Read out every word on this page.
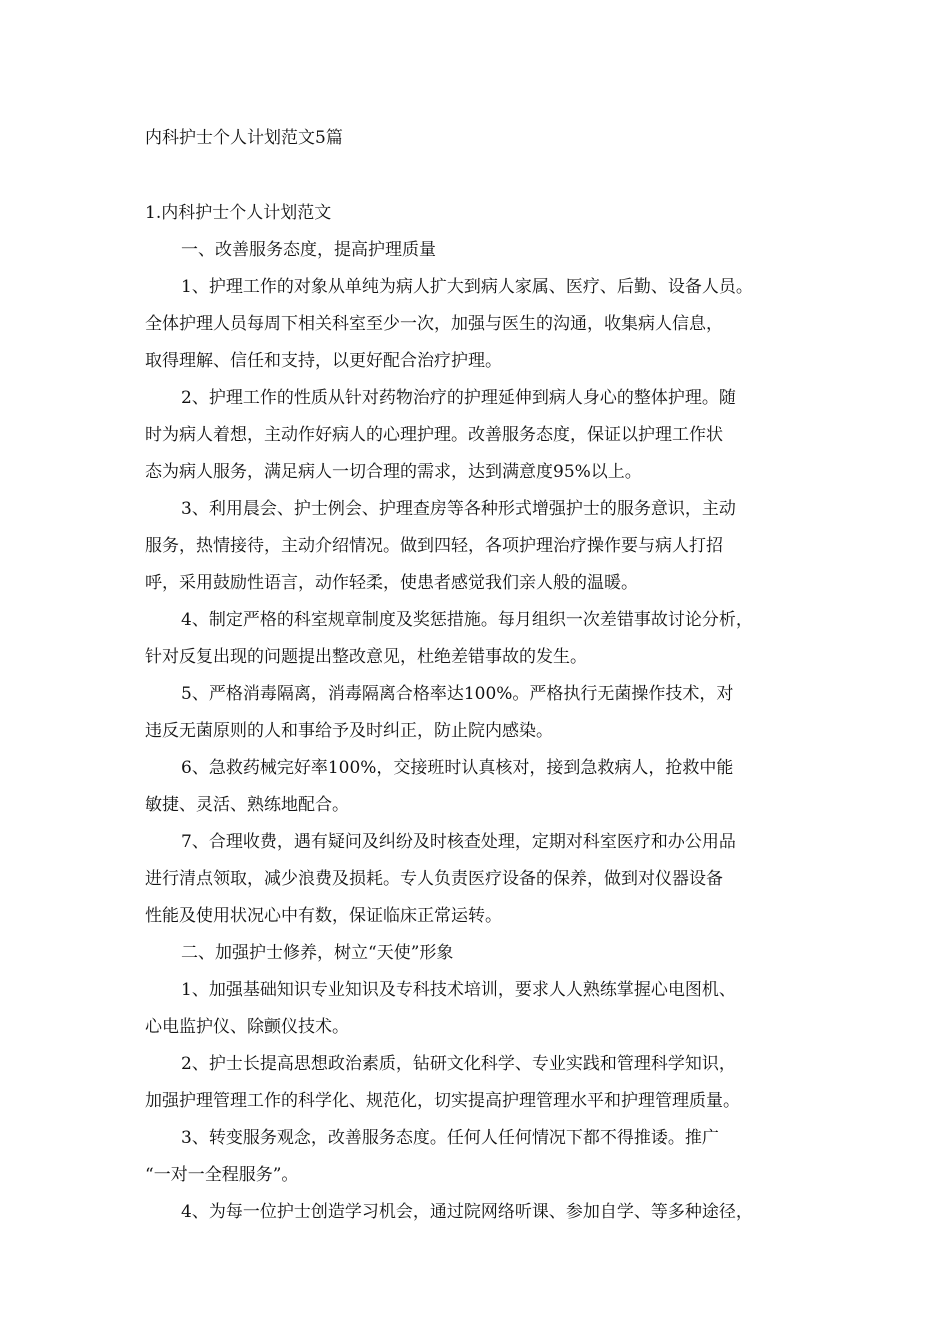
内科护士个人计划范文5篇
1.内科护士个人计划范文
一、改善服务态度，提高护理质量
1、护理工作的对象从单纯为病人扩大到病人家属、医疗、后勤、设备人员。
全体护理人员每周下相关科室至少一次，加强与医生的沟通，收集病人信息，
取得理解、信任和支持，以更好配合治疗护理。
2、护理工作的性质从针对药物治疗的护理延伸到病人身心的整体护理。随
时为病人着想，主动作好病人的心理护理。改善服务态度，保证以护理工作状
态为病人服务，满足病人一切合理的需求，达到满意度95%以上。
3、利用晨会、护士例会、护理查房等各种形式增强护士的服务意识，主动
服务，热情接待，主动介绍情况。做到四轻，各项护理治疗操作要与病人打招
呼，采用鼓励性语言，动作轻柔，使患者感觉我们亲人般的温暖。
4、制定严格的科室规章制度及奖惩措施。每月组织一次差错事故讨论分析，
针对反复出现的问题提出整改意见，杜绝差错事故的发生。
5、严格消毒隔离，消毒隔离合格率达100%。严格执行无菌操作技术，对
违反无菌原则的人和事给予及时纠正，防止院内感染。
6、急救药械完好率100%，交接班时认真核对，接到急救病人，抢救中能
敏捷、灵活、熟练地配合。
7、合理收费，遇有疑问及纠纷及时核查处理，定期对科室医疗和办公用品
进行清点领取，减少浪费及损耗。专人负责医疗设备的保养，做到对仪器设备
性能及使用状况心中有数，保证临床正常运转。
二、加强护士修养，树立“天使”形象
1、加强基础知识专业知识及专科技术培训，要求人人熟练掌握心电图机、
心电监护仪、除颤仪技术。
2、护士长提高思想政治素质，钻研文化科学、专业实践和管理科学知识，
加强护理管理工作的科学化、规范化，切实提高护理管理水平和护理管理质量。
3、转变服务观念，改善服务态度。任何人任何情况下都不得推诿。推广
“一对一全程服务”。
4、为每一位护士创造学习机会，通过院网络听课、参加自学、等多种途径，
